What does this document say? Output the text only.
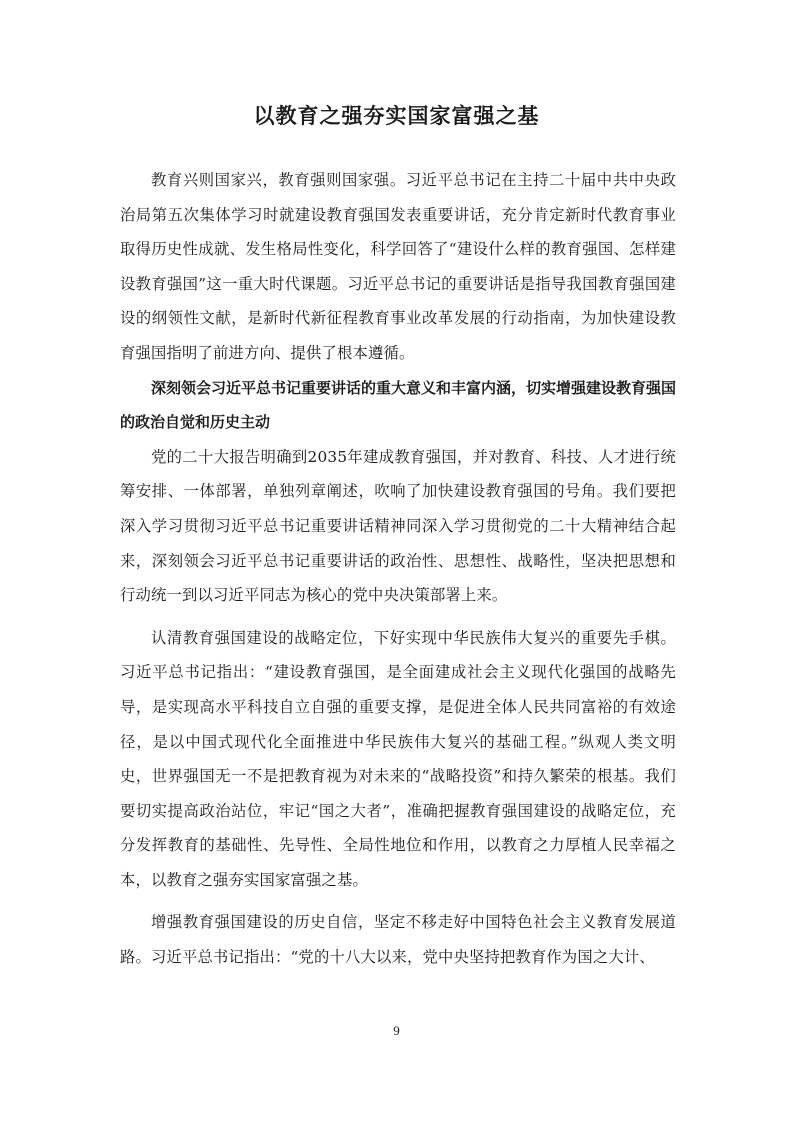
以教育之强夯实国家富强之基

教育兴则国家兴，教育强则国家强。习近平总书记在主持二十届中共中央政治局第五次集体学习时就建设教育强国发表重要讲话，充分肯定新时代教育事业取得历史性成就、发生格局性变化，科学回答了“建设什么样的教育强国、怎样建设教育强国”这一重大时代课题。习近平总书记的重要讲话是指导我国教育强国建设的纲领性文献，是新时代新征程教育事业改革发展的行动指南，为加快建设教育强国指明了前进方向、提供了根本遵循。

深刻领会习近平总书记重要讲话的重大意义和丰富内涵，切实增强建设教育强国的政治自觉和历史主动

党的二十大报告明确到2035年建成教育强国，并对教育、科技、人才进行统筹安排、一体部署，单独列章阐述，吹响了加快建设教育强国的号角。我们要把深入学习贯彻习近平总书记重要讲话精神同深入学习贯彻党的二十大精神结合起来，深刻领会习近平总书记重要讲话的政治性、思想性、战略性，坚决把思想和行动统一到以习近平同志为核心的党中央决策部署上来。

认清教育强国建设的战略定位，下好实现中华民族伟大复兴的重要先手棋。习近平总书记指出：“建设教育强国，是全面建成社会主义现代化强国的战略先导，是实现高水平科技自立自强的重要支撑，是促进全体人民共同富裕的有效途径，是以中国式现代化全面推进中华民族伟大复兴的基础工程。”纵观人类文明史，世界强国无一不是把教育视为对未来的“战略投资”和持久繁荣的根基。我们要切实提高政治站位，牢记“国之大者”，准确把握教育强国建设的战略定位，充分发挥教育的基础性、先导性、全局性地位和作用，以教育之力厚植人民幸福之本，以教育之强夯实国家富强之基。

增强教育强国建设的历史自信，坚定不移走好中国特色社会主义教育发展道路。习近平总书记指出：“党的十八大以来，党中央坚持把教育作为国之大计、

9
